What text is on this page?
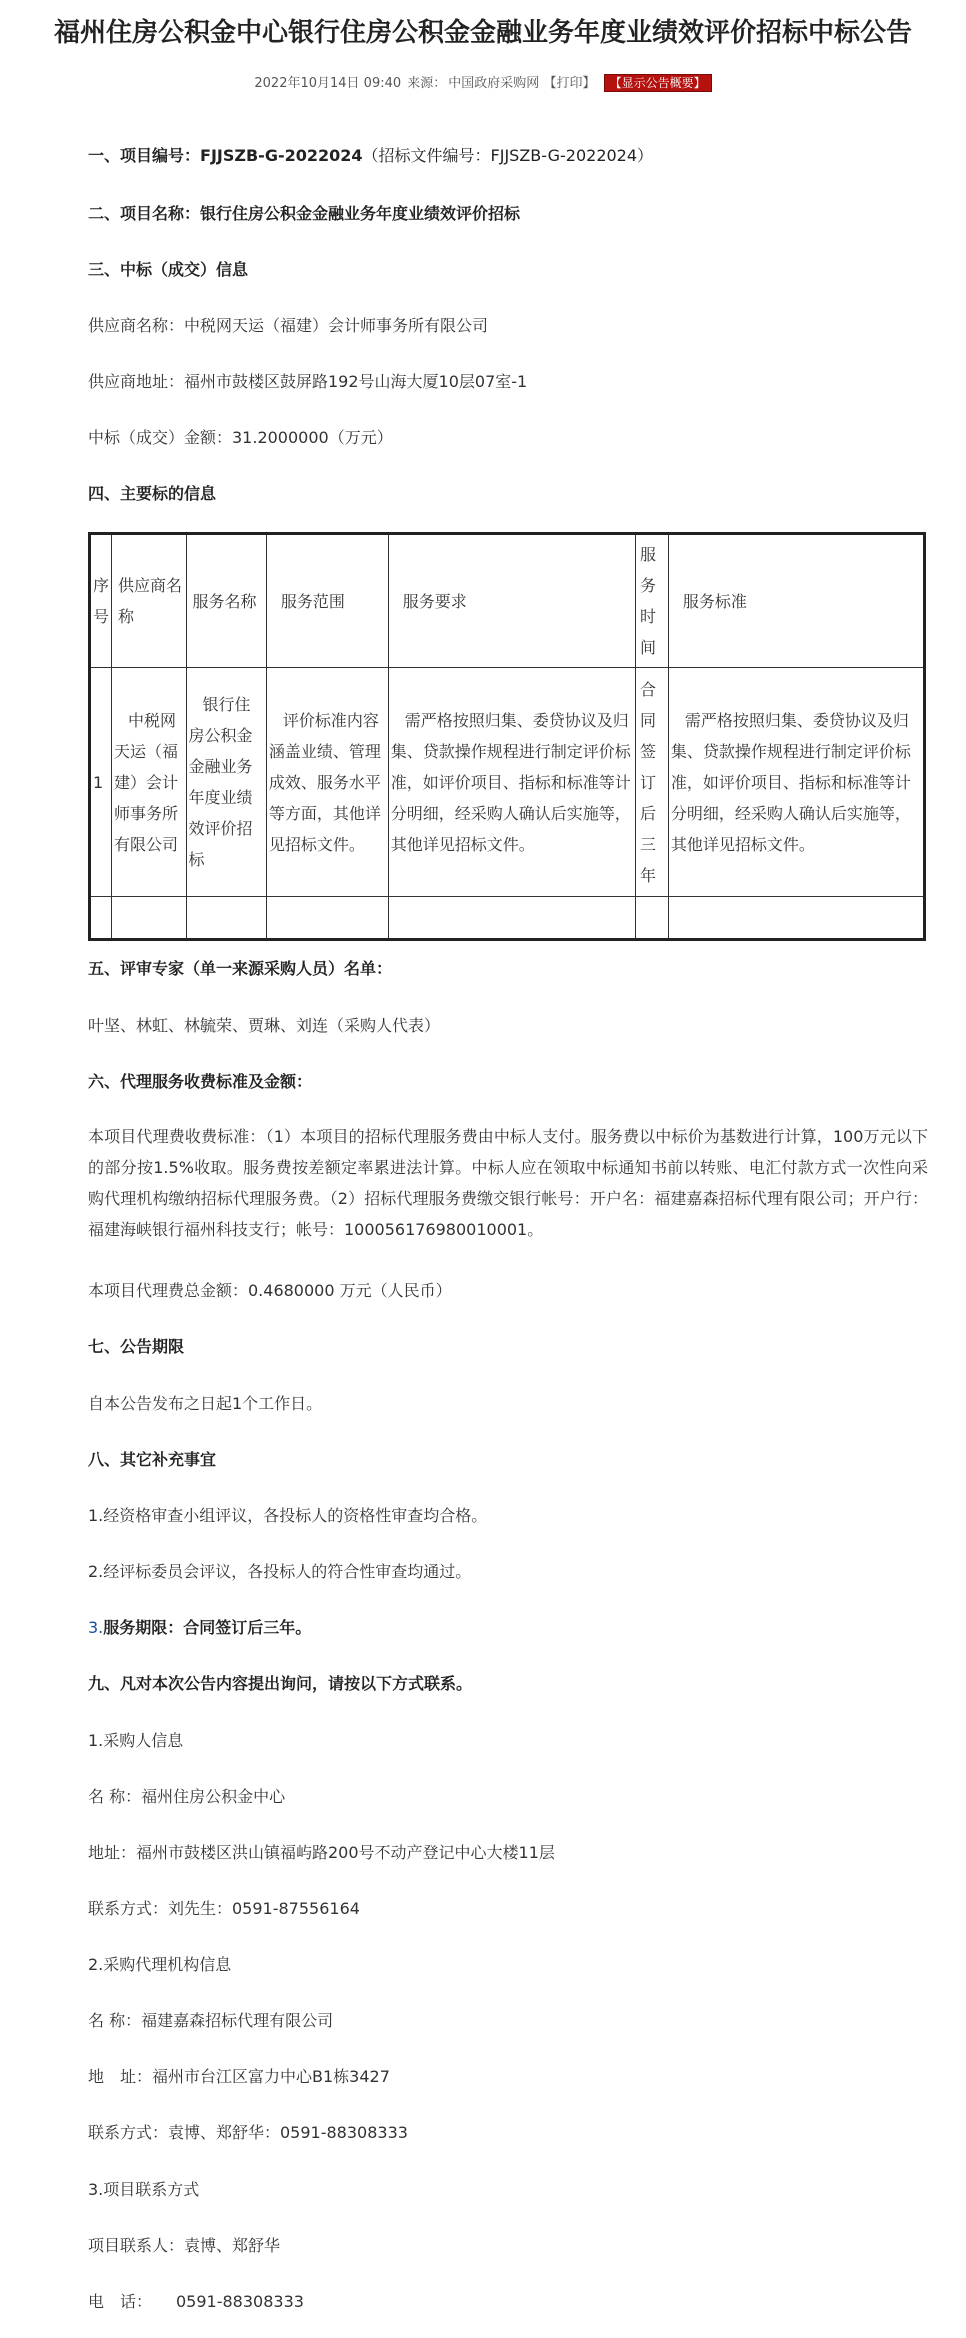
福州住房公积金中心银行住房公积金金融业务年度业绩效评价招标中标公告
2022年10月14日 09:40 来源： 中国政府采购网 【打印】 【显示公告概要】
一、项目编号：FJJSZB-G-2022024（招标文件编号：FJJSZB-G-2022024）
二、项目名称：银行住房公积金金融业务年度业绩效评价招标
三、中标（成交）信息
供应商名称：中税网天运（福建）会计师事务所有限公司
供应商地址：福州市鼓楼区鼓屏路192号山海大厦10层07室-1
中标（成交）金额：31.2000000（万元）
四、主要标的信息
五、评审专家（单一来源采购人员）名单：
叶坚、林虹、林毓荣、贾琳、刘连（采购人代表）
六、代理服务收费标准及金额：
本项目代理费收费标准：（1）本项目的招标代理服务费由中标人支付。服务费以中标价为基数进行计算，100万元以下的部分按1.5%收取。服务费按差额定率累进法计算。中标人应在领取中标通知书前以转账、电汇付款方式一次性向采购代理机构缴纳招标代理服务费。（2）招标代理服务费缴交银行帐号：开户名：福建嘉森招标代理有限公司；开户行：福建海峡银行福州科技支行；帐号：100056176980010001。
本项目代理费总金额：0.4680000 万元（人民币）
七、公告期限
自本公告发布之日起1个工作日。
八、其它补充事宜
1.经资格审查小组评议，各投标人的资格性审查均合格。
2.经评标委员会评议，各投标人的符合性审查均通过。
3.服务期限：合同签订后三年。
九、凡对本次公告内容提出询问，请按以下方式联系。
1.采购人信息
名 称：福州住房公积金中心
地址：福州市鼓楼区洪山镇福屿路200号不动产登记中心大楼11层
联系方式：刘先生：0591-87556164
2.采购代理机构信息
名 称：福建嘉森招标代理有限公司
地　址：福州市台江区富力中心B1栋3427
联系方式：袁博、郑舒华：0591-88308333
3.项目联系方式
项目联系人：袁博、郑舒华
电　话：　　0591-88308333
序号	供应商名称	服务名称	服务范围	服务要求	服务时间	服务标准
1	中税网天运（福建）会计师事务所有限公司	银行住房公积金金融业务年度业绩效评价招标	评价标准内容涵盖业绩、管理成效、服务水平等方面，其他详见招标文件。	需严格按照归集、委贷协议及归集、贷款操作规程进行制定评价标准，如评价项目、指标和标准等计分明细，经采购人确认后实施等，其他详见招标文件。	合同签订后三年	需严格按照归集、委贷协议及归集、贷款操作规程进行制定评价标准，如评价项目、指标和标准等计分明细，经采购人确认后实施等，其他详见招标文件。
